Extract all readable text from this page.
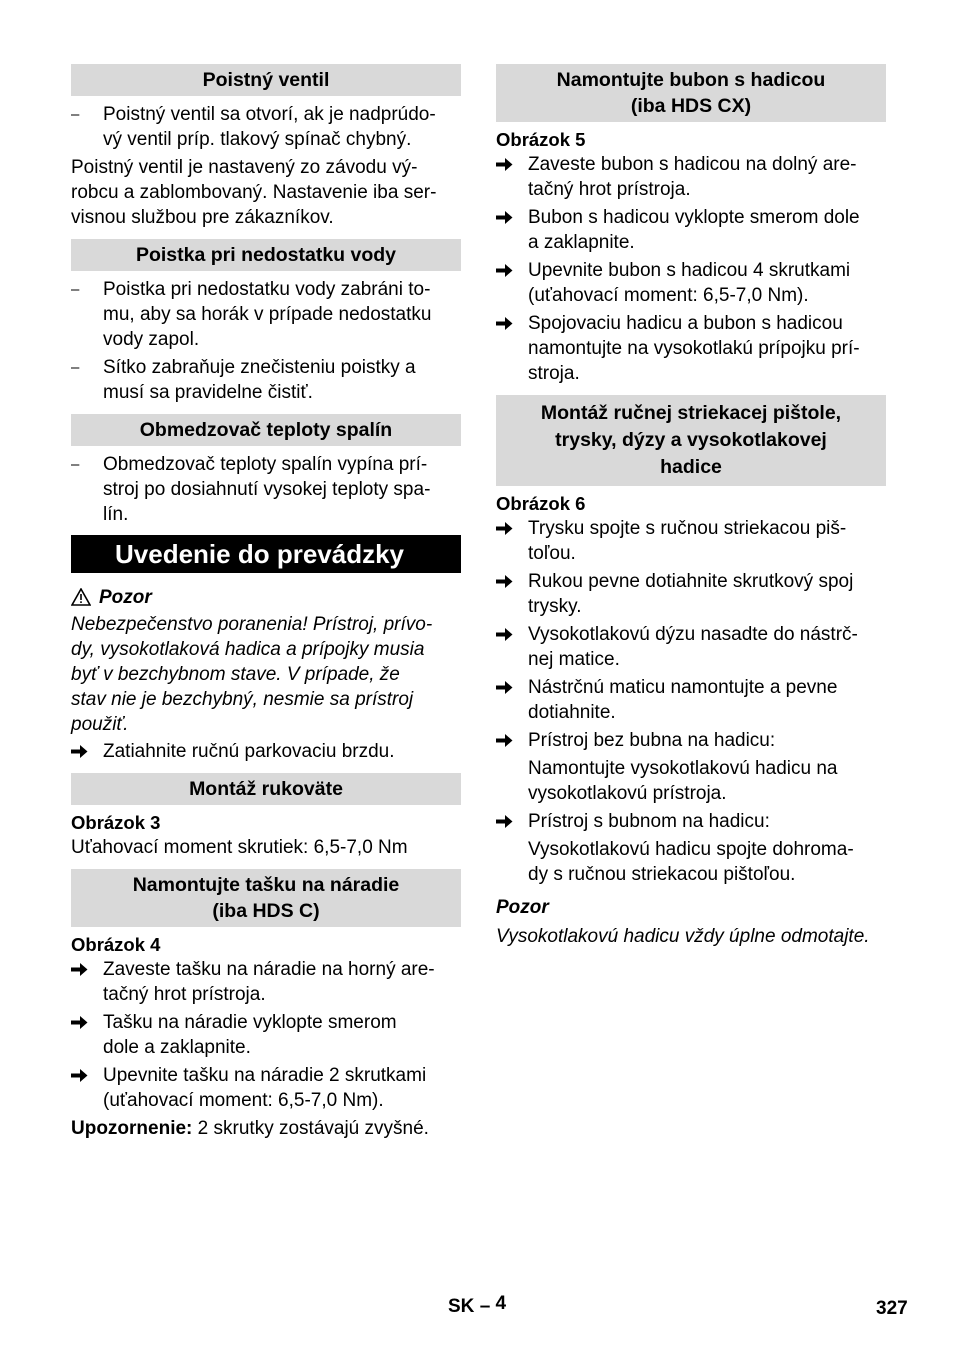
Poistný ventil
–	Poistný ventil sa otvorí, ak je nadprúdo-
vý ventil príp. tlakový spínač chybný.
Poistný ventil je nastavený zo závodu vý-
robcu a zablombovaný. Nastavenie iba ser-
visnou službou pre zákazníkov.
Poistka pri nedostatku vody
–	Poistka pri nedostatku vody zabráni to-
mu, aby sa horák v prípade nedostatku
vody zapol.
–	Sítko zabraňuje znečisteniu poistky a
musí sa pravidelne čistiť.
Obmedzovač teploty spalín
–	Obmedzovač teploty spalín vypína prí-
stroj po dosiahnutí vysokej teploty spa-
lín.
Uvedenie do prevádzky
Pozor
Nebezpečenstvo poranenia! Prístroj, prívo-
dy, vysokotlaková hadica a prípojky musia
byť v bezchybnom stave. V prípade, že
stav nie je bezchybný, nesmie sa prístroj
použiť.
Zatiahnite ručnú parkovaciu brzdu.
Montáž rukoväte
Obrázok 3
Uťahovací moment skrutiek: 6,5-7,0 Nm
Namontujte tašku na náradie
(iba HDS C)
Obrázok 4
Zaveste tašku na náradie na horný are-
tačný hrot prístroja.
Tašku na náradie vyklopte smerom
dole a zaklapnite.
Upevnite tašku na náradie 2 skrutkami
(uťahovací moment: 6,5-7,0 Nm).
Upozornenie: 2 skrutky zostávajú zvyšné.
Namontujte bubon s hadicou
(iba HDS CX)
Obrázok 5
Zaveste bubon s hadicou na dolný are-
tačný hrot prístroja.
Bubon s hadicou vyklopte smerom dole
a zaklapnite.
Upevnite bubon s hadicou 4 skrutkami
(uťahovací moment: 6,5-7,0 Nm).
Spojovaciu hadicu a bubon s hadicou
namontujte na vysokotlakú prípojku prí-
stroja.
Montáž ručnej striekacej pištole,
trysky, dýzy a vysokotlakovej
hadice
Obrázok 6
Trysku spojte s ručnou striekacou piš-
toľou.
Rukou pevne dotiahnite skrutkový spoj
trysky.
Vysokotlakovú dýzu nasadte do nástrč-
nej matice.
Nástrčnú maticu namontujte a pevne
dotiahnite.
Prístroj bez bubna na hadicu:
Namontujte vysokotlakovú hadicu na
vysokotlakovú prístroja.
Prístroj s bubnom na hadicu:
Vysokotlakovú hadicu spojte dohroma-
dy s ručnou striekacou pištoľou.
Pozor
Vysokotlakovú hadicu vždy úplne odmotajte.
SK – 4	327
